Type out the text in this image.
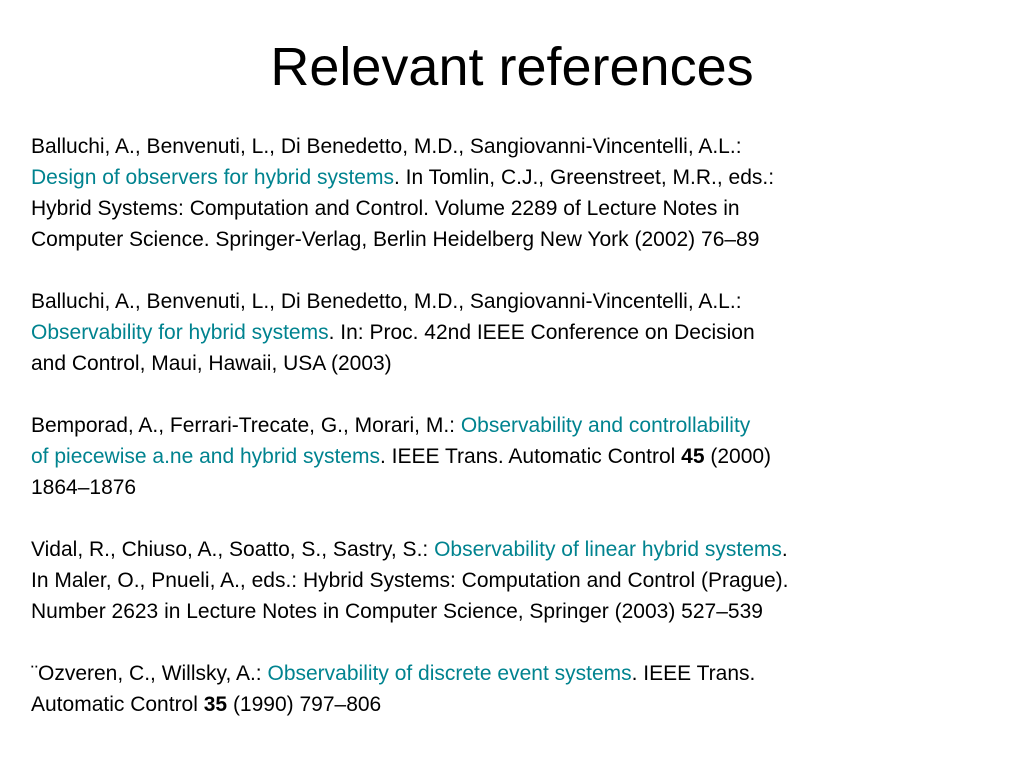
Relevant references

Balluchi, A., Benvenuti, L., Di Benedetto, M.D., Sangiovanni-Vincentelli, A.L.:
Design of observers for hybrid systems. In Tomlin, C.J., Greenstreet, M.R., eds.:
Hybrid Systems: Computation and Control. Volume 2289 of Lecture Notes in
Computer Science. Springer-Verlag, Berlin Heidelberg New York (2002) 76–89

Balluchi, A., Benvenuti, L., Di Benedetto, M.D., Sangiovanni-Vincentelli, A.L.:
Observability for hybrid systems. In: Proc. 42nd IEEE Conference on Decision
and Control, Maui, Hawaii, USA (2003)

Bemporad, A., Ferrari-Trecate, G., Morari, M.: Observability and controllability
of piecewise a.ne and hybrid systems. IEEE Trans. Automatic Control 45 (2000)
1864–1876

Vidal, R., Chiuso, A., Soatto, S., Sastry, S.: Observability of linear hybrid systems.
In Maler, O., Pnueli, A., eds.: Hybrid Systems: Computation and Control (Prague).
Number 2623 in Lecture Notes in Computer Science, Springer (2003) 527–539

¨Ozveren, C., Willsky, A.: Observability of discrete event systems. IEEE Trans.
Automatic Control 35 (1990) 797–806
